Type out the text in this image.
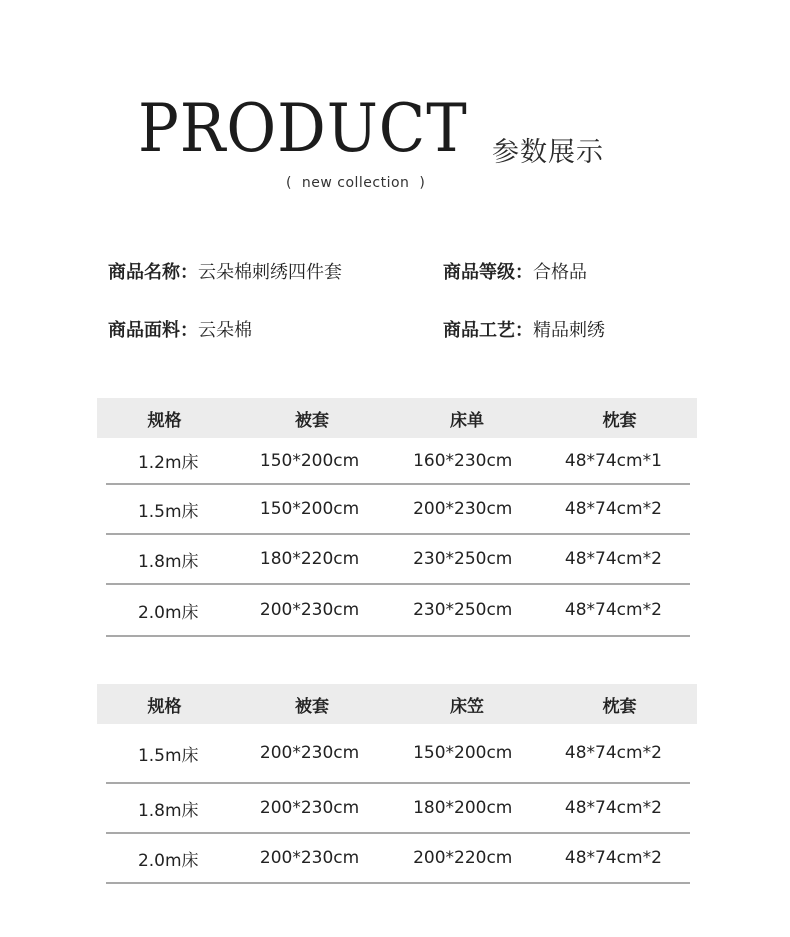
PRODUCT
(  new collection  )
参数展示
商品名称：云朵棉刺绣四件套	商品等级：合格品
商品面料：云朵棉	商品工艺：精品刺绣
规格	被套	床单	枕套
1.2m床	150*200cm	160*230cm	48*74cm*1
1.5m床	150*200cm	200*230cm	48*74cm*2
1.8m床	180*220cm	230*250cm	48*74cm*2
2.0m床	200*230cm	230*250cm	48*74cm*2
规格	被套	床笠	枕套
1.5m床	200*230cm	150*200cm	48*74cm*2
1.8m床	200*230cm	180*200cm	48*74cm*2
2.0m床	200*230cm	200*220cm	48*74cm*2
